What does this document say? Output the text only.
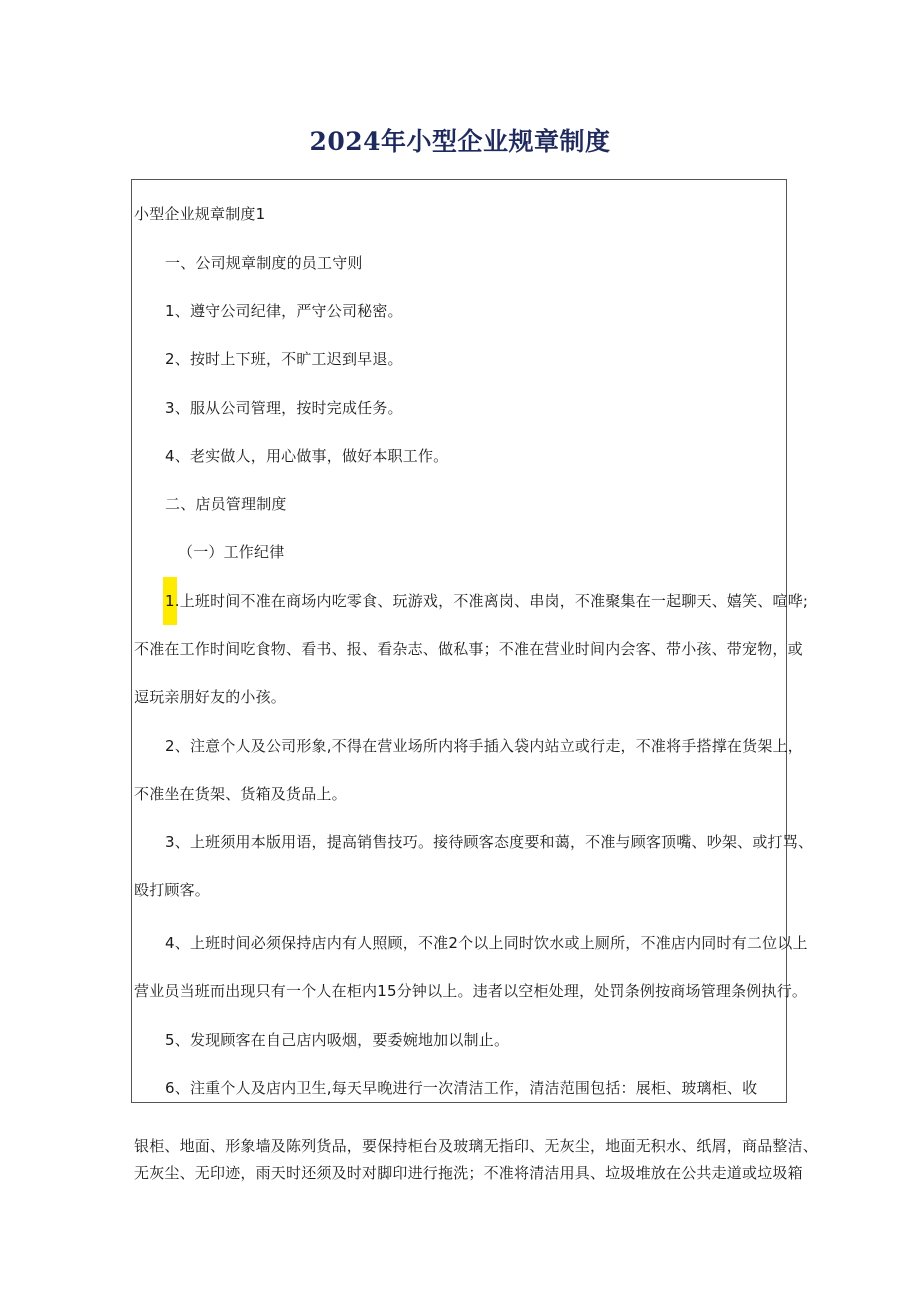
2024年小型企业规章制度
小型企业规章制度1
一、公司规章制度的员工守则
1、遵守公司纪律，严守公司秘密。
2、按时上下班，不旷工迟到早退。
3、服从公司管理，按时完成任务。
4、老实做人，用心做事，做好本职工作。
二、店员管理制度
（一）工作纪律
1.上班时间不准在商场内吃零食、玩游戏，不准离岗、串岗，不准聚集在一起聊天、嬉笑、喧哗;
不准在工作时间吃食物、看书、报、看杂志、做私事；不准在营业时间内会客、带小孩、带宠物，或
逗玩亲朋好友的小孩。
2、注意个人及公司形象,不得在营业场所内将手插入袋内站立或行走，不准将手搭撑在货架上，
不准坐在货架、货箱及货品上。
3、上班须用本版用语，提高销售技巧。接待顾客态度要和蔼，不准与顾客顶嘴、吵架、或打骂、
殴打顾客。
4、上班时间必须保持店内有人照顾，不准2个以上同时饮水或上厕所，不准店内同时有二位以上
营业员当班而出现只有一个人在柜内15分钟以上。违者以空柜处理，处罚条例按商场管理条例执行。
5、发现顾客在自己店内吸烟，要委婉地加以制止。
6、注重个人及店内卫生,每天早晚进行一次清洁工作，清洁范围包括：展柜、玻璃柜、收
银柜、地面、形象墙及陈列货品，要保持柜台及玻璃无指印、无灰尘，地面无积水、纸屑，商品整洁、
无灰尘、无印迹，雨天时还须及时对脚印进行拖洗；不准将清洁用具、垃圾堆放在公共走道或垃圾箱
